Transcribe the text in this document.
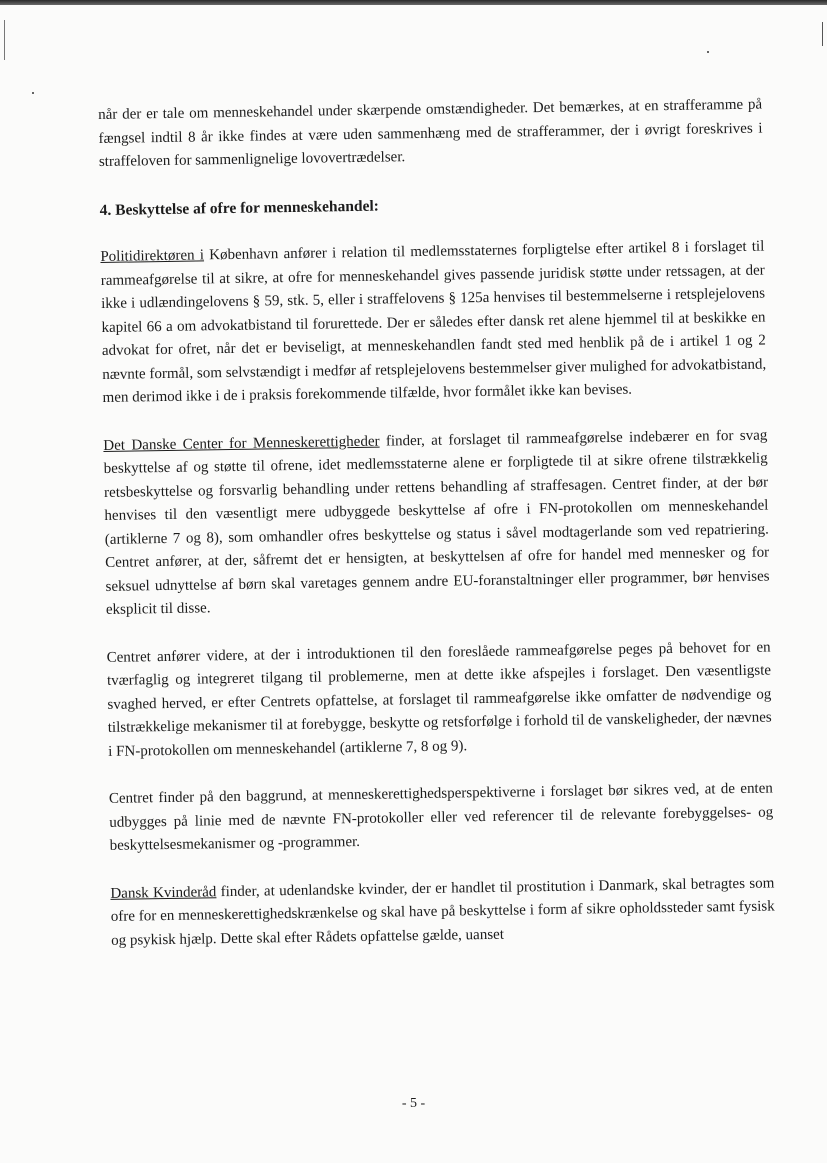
når der er tale om menneskehandel under skærpende omstændigheder. Det bemærkes, at en strafferamme på fængsel indtil 8 år ikke findes at være uden sammenhæng med de strafferammer, der i øvrigt foreskrives i straffeloven for sammenlignelige lovovertrædelser.

4. Beskyttelse af ofre for menneskehandel:

Politidirektøren i København anfører i relation til medlemsstaternes forpligtelse efter artikel 8 i forslaget til rammeafgørelse til at sikre, at ofre for menneskehandel gives passende juridisk støtte under retssagen, at der ikke i udlændingelovens § 59, stk. 5, eller i straffelovens § 125a henvises til bestemmelserne i retsplejelovens kapitel 66 a om advokatbistand til forurettede. Der er således efter dansk ret alene hjemmel til at beskikke en advokat for ofret, når det er beviseligt, at menneskehandlen fandt sted med henblik på de i artikel 1 og 2 nævnte formål, som selvstændigt i medfør af retsplejelovens bestemmelser giver mulighed for advokatbistand, men derimod ikke i de i praksis forekommende tilfælde, hvor formålet ikke kan bevises.

Det Danske Center for Menneskerettigheder finder, at forslaget til rammeafgørelse indebærer en for svag beskyttelse af og støtte til ofrene, idet medlemsstaterne alene er forpligtede til at sikre ofrene tilstrækkelig retsbeskyttelse og forsvarlig behandling under rettens behandling af straffesagen. Centret finder, at der bør henvises til den væsentligt mere udbyggede beskyttelse af ofre i FN-protokollen om menneskehandel (artiklerne 7 og 8), som omhandler ofres beskyttelse og status i såvel modtagerlande som ved repatriering. Centret anfører, at der, såfremt det er hensigten, at beskyttelsen af ofre for handel med mennesker og for seksuel udnyttelse af børn skal varetages gennem andre EU-foranstaltninger eller programmer, bør henvises eksplicit til disse.

Centret anfører videre, at der i introduktionen til den foreslåede rammeafgørelse peges på behovet for en tværfaglig og integreret tilgang til problemerne, men at dette ikke afspejles i forslaget. Den væsentligste svaghed herved, er efter Centrets opfattelse, at forslaget til rammeafgørelse ikke omfatter de nødvendige og tilstrækkelige mekanismer til at forebygge, beskytte og retsforfølge i forhold til de vanskeligheder, der nævnes i FN-protokollen om menneskehandel (artiklerne 7, 8 og 9).

Centret finder på den baggrund, at menneskerettighedsperspektiverne i forslaget bør sikres ved, at de enten udbygges på linie med de nævnte FN-protokoller eller ved referencer til de relevante forebyggelses- og beskyttelsesmekanismer og -programmer.

Dansk Kvinderåd finder, at udenlandske kvinder, der er handlet til prostitution i Danmark, skal betragtes som ofre for en menneskerettighedskrænkelse og skal have på beskyttelse i form af sikre opholdssteder samt fysisk og psykisk hjælp. Dette skal efter Rådets opfattelse gælde, uanset

- 5 -
